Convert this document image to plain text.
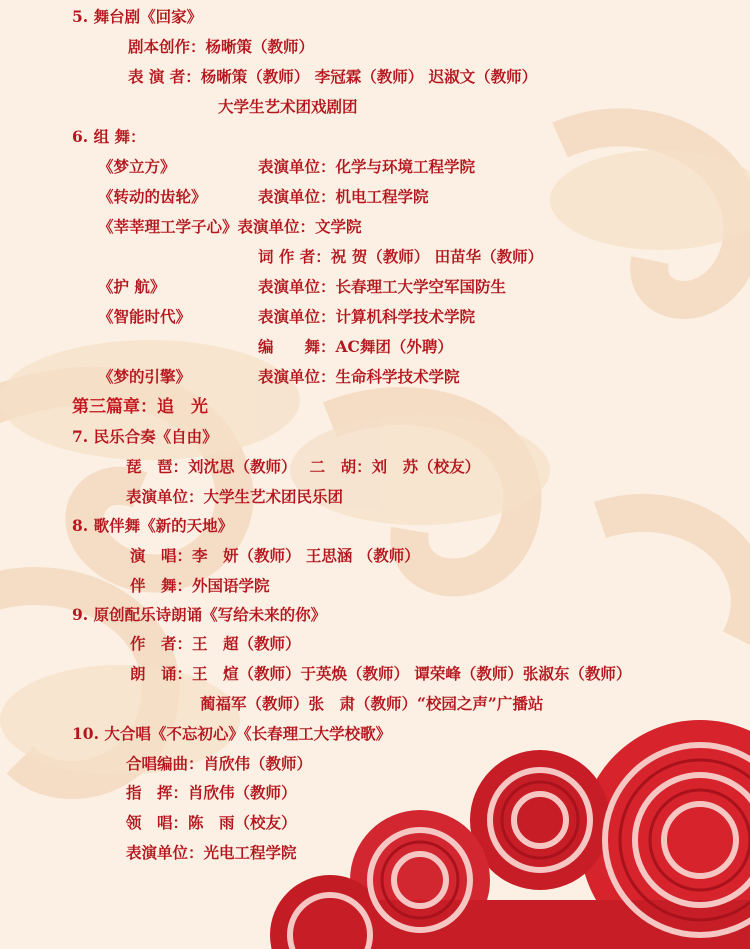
5. 舞台剧《回家》
剧本创作：杨晰策（教师）
表 演 者：杨晰策（教师） 李冠霖（教师） 迟淑文（教师）
大学生艺术团戏剧团
6. 组 舞：
《梦立方》	表演单位：化学与环境工程学院
《转动的齿轮》	表演单位：机电工程学院
《莘莘理工学子心》表演单位：文学院
词 作 者：祝 贺（教师） 田苗华（教师）
《护 航》	表演单位：长春理工大学空军国防生
《智能时代》	表演单位：计算机科学技术学院
编　　舞：AC舞团（外聘）
《梦的引擎》	表演单位：生命科学技术学院
第三篇章：追　光
7. 民乐合奏《自由》
琵　琶：刘沈思（教师）　 二　胡：刘　苏（校友）
表演单位：大学生艺术团民乐团
8. 歌伴舞《新的天地》
演　唱：李　妍（教师） 王思涵 （教师）
伴　舞：外国语学院
9. 原创配乐诗朗诵《写给未来的你》
作　者：王　超（教师）
朗　诵：王　煊（教师）于英焕（教师） 谭荣峰（教师）张淑东（教师）
蔺福军（教师）张　肃（教师）“校园之声”广播站
10. 大合唱《不忘初心》《长春理工大学校歌》
合唱编曲：肖欣伟（教师）
指　挥：肖欣伟（教师）
领　唱：陈　雨（校友）
表演单位：光电工程学院
